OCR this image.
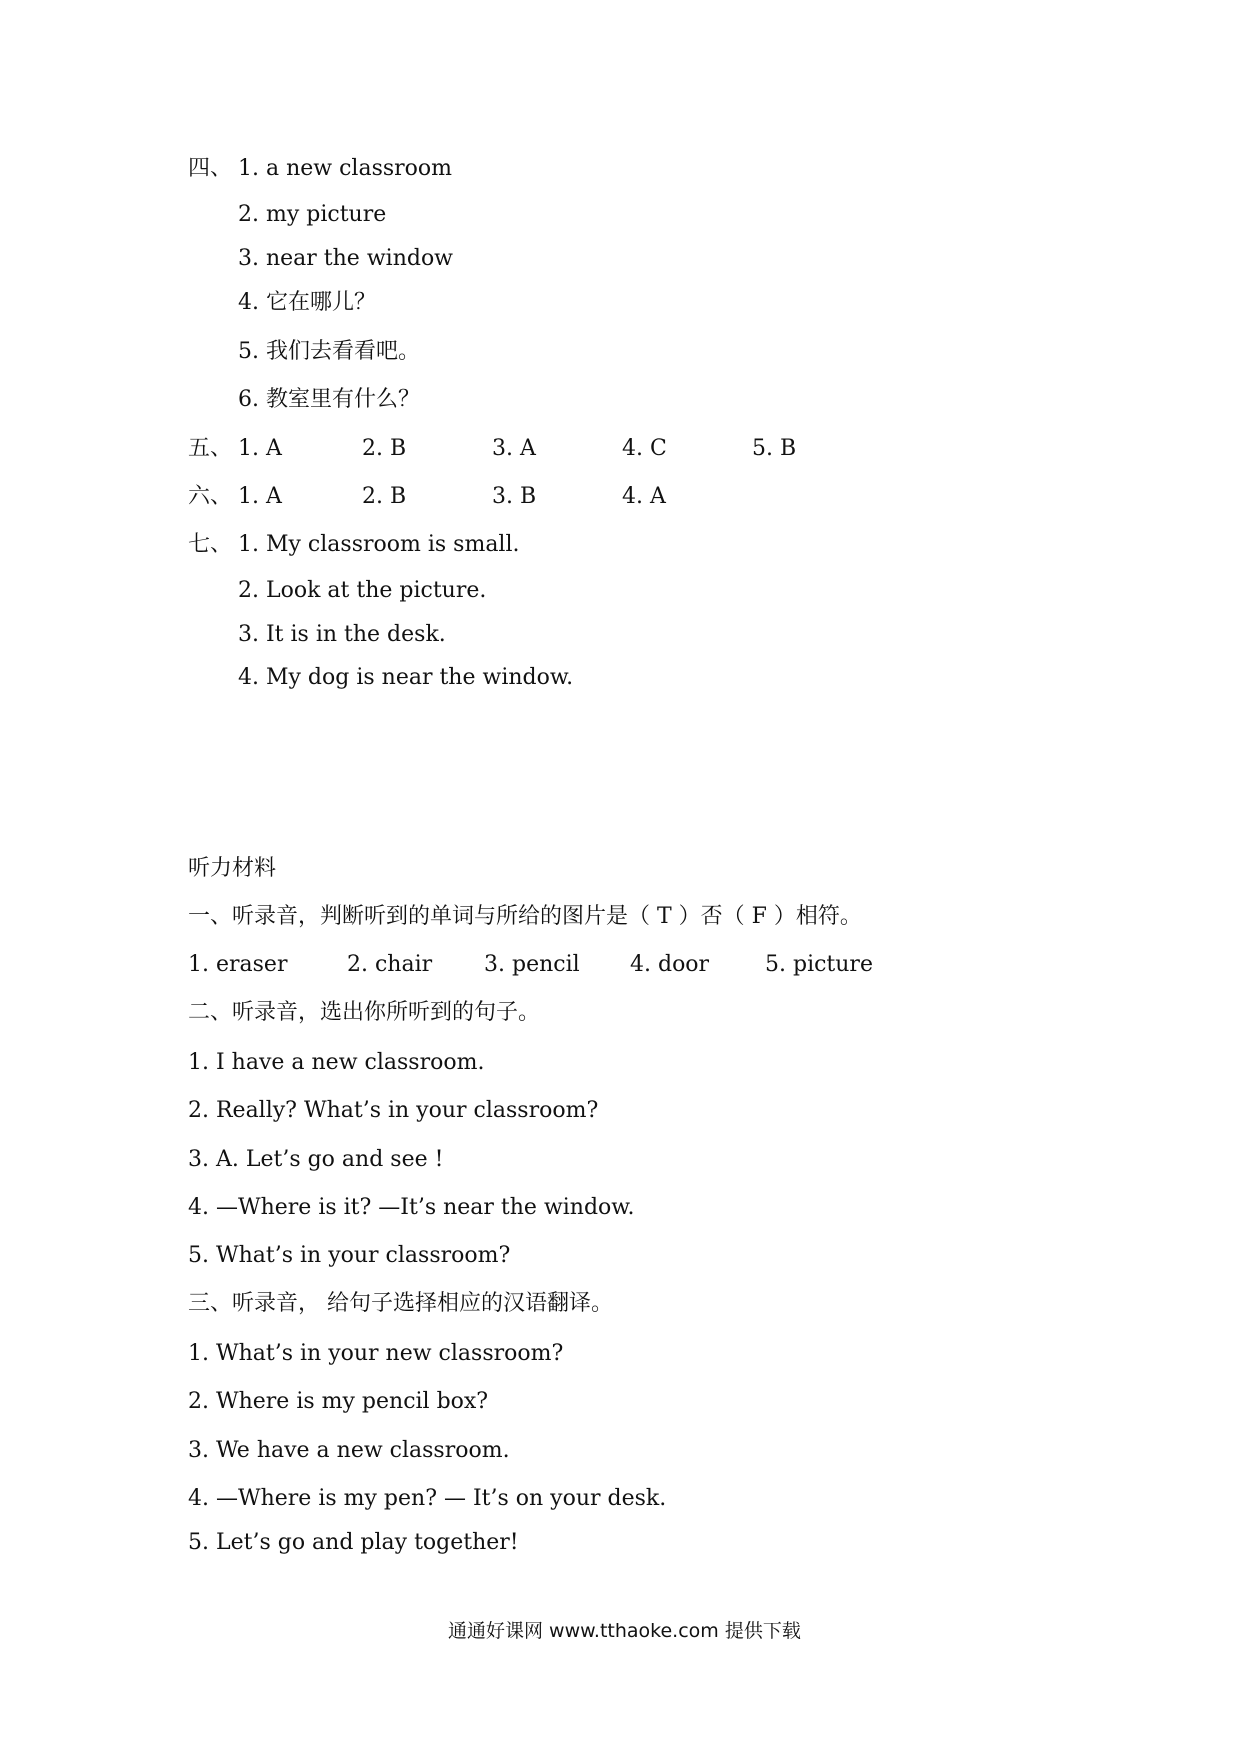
四、 1. a new classroom
2. my picture
3. near the window
4. 它在哪儿？
5. 我们去看看吧。
6. 教室里有什么？
五、 1. A	2. B	3. A	4. C	5. B
六、 1. A	2. B	3. B	4. A
七、 1. My classroom is small.
2. Look at the picture.
3. It is in the desk.
4. My dog is near the window.
听力材料
一、听录音，判断听到的单词与所给的图片是（ T ）否（ F ）相符。
1. eraser	2. chair 3. pencil 4. door	5. picture
二、听录音，选出你所听到的句子。
1. I have a new classroom.
2. Really? What’s in your classroom?
3. A. Let’s go and see !
4. —Where is it? —It’s near the window.
5. What’s in your classroom?
三、听录音， 给句子选择相应的汉语翻译。
1. What’s in your new classroom?
2. Where is my pencil box?
3. We have a new classroom.
4. —Where is my pen? — It’s on your desk.
5. Let’s go and play together!
通通好课网 www.tthaoke.com 提供下载
